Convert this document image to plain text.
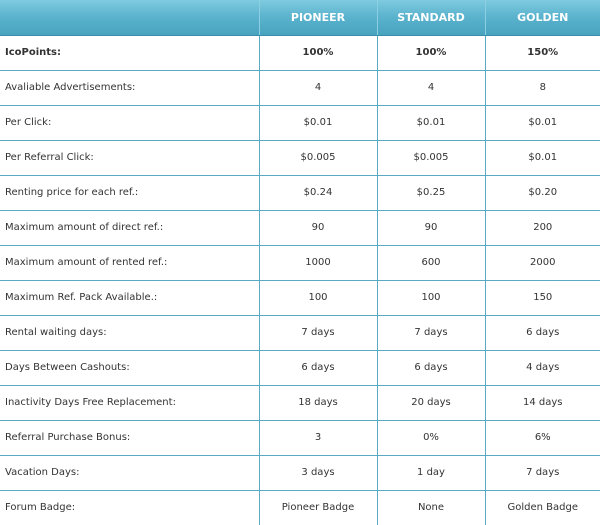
	PIONEER	STANDARD	GOLDEN
IcoPoints:	100%	100%	150%
Avaliable Advertisements:	4	4	8
Per Click:	$0.01	$0.01	$0.01
Per Referral Click:	$0.005	$0.005	$0.01
Renting price for each ref.:	$0.24	$0.25	$0.20
Maximum amount of direct ref.:	90	90	200
Maximum amount of rented ref.:	1000	600	2000
Maximum Ref. Pack Available.:	100	100	150
Rental waiting days:	7 days	7 days	6 days
Days Between Cashouts:	6 days	6 days	4 days
Inactivity Days Free Replacement:	18 days	20 days	14 days
Referral Purchase Bonus:	3	0%	6%
Vacation Days:	3 days	1 day	7 days
Forum Badge:	Pioneer Badge	None	Golden Badge
